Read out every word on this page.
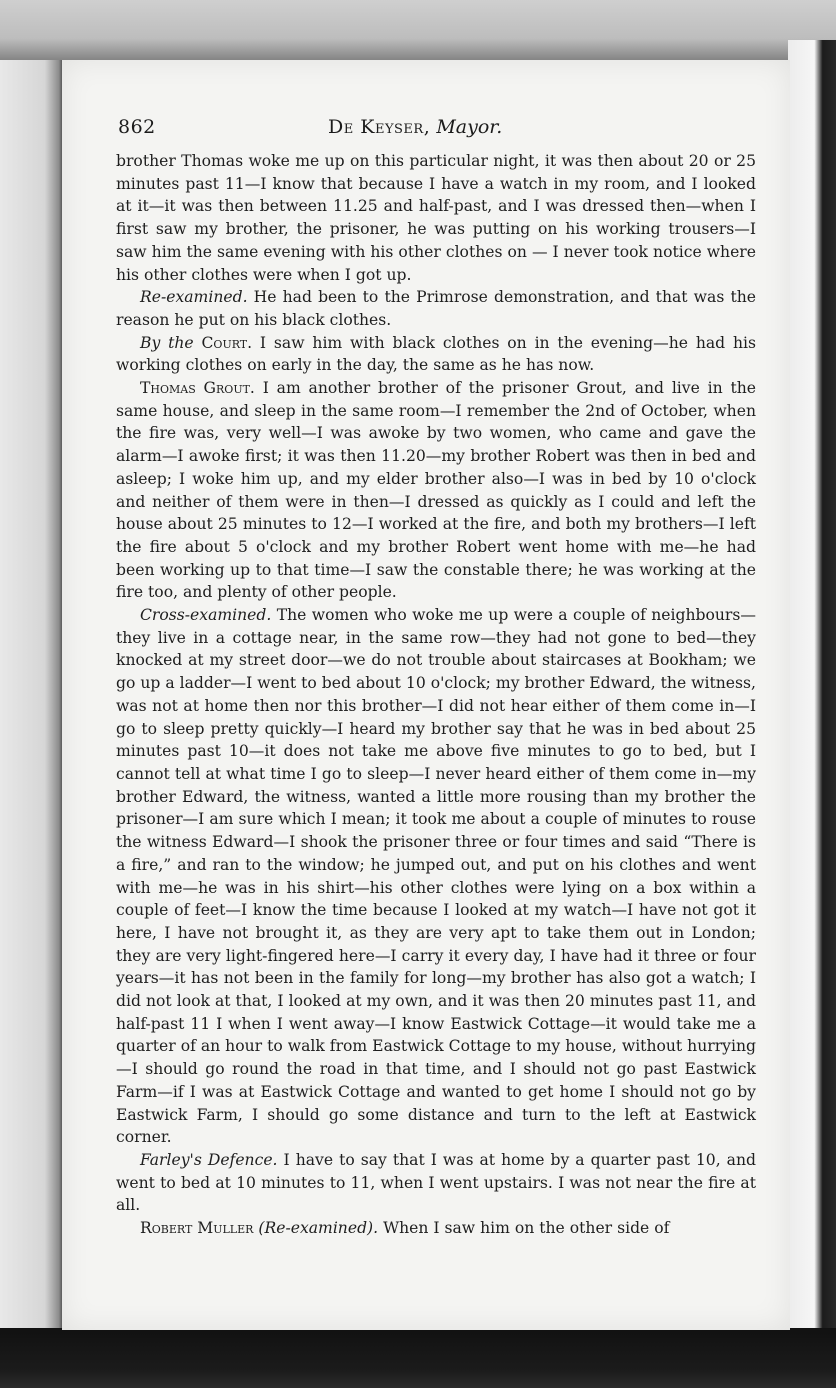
862	De Keyser, Mayor.

brother Thomas woke me up on this particular night, it was then about 20 or 25 minutes past 11—I know that because I have a watch in my room, and I looked at it—it was then between 11.25 and half-past, and I was dressed then—when I first saw my brother, the prisoner, he was putting on his working trousers—I saw him the same evening with his other clothes on — I never took notice where his other clothes were when I got up.

Re-examined. He had been to the Primrose demonstration, and that was the reason he put on his black clothes.

By the Court. I saw him with black clothes on in the evening—he had his working clothes on early in the day, the same as he has now.

Thomas Grout. I am another brother of the prisoner Grout, and live in the same house, and sleep in the same room—I remember the 2nd of October, when the fire was, very well—I was awoke by two women, who came and gave the alarm—I awoke first; it was then 11.20—my brother Robert was then in bed and asleep; I woke him up, and my elder brother also—I was in bed by 10 o'clock and neither of them were in then—I dressed as quickly as I could and left the house about 25 minutes to 12—I worked at the fire, and both my brothers—I left the fire about 5 o'clock and my brother Robert went home with me—he had been working up to that time—I saw the constable there; he was working at the fire too, and plenty of other people.

Cross-examined. The women who woke me up were a couple of neighbours—they live in a cottage near, in the same row—they had not gone to bed—they knocked at my street door—we do not trouble about staircases at Bookham; we go up a ladder—I went to bed about 10 o'clock; my brother Edward, the witness, was not at home then nor this brother—I did not hear either of them come in—I go to sleep pretty quickly—I heard my brother say that he was in bed about 25 minutes past 10—it does not take me above five minutes to go to bed, but I cannot tell at what time I go to sleep—I never heard either of them come in—my brother Edward, the witness, wanted a little more rousing than my brother the prisoner—I am sure which I mean; it took me about a couple of minutes to rouse the witness Edward—I shook the prisoner three or four times and said “There is a fire,” and ran to the window; he jumped out, and put on his clothes and went with me—he was in his shirt—his other clothes were lying on a box within a couple of feet—I know the time because I looked at my watch—I have not got it here, I have not brought it, as they are very apt to take them out in London; they are very light-fingered here—I carry it every day, I have had it three or four years—it has not been in the family for long—my brother has also got a watch; I did not look at that, I looked at my own, and it was then 20 minutes past 11, and half-past 11 I when I went away—I know Eastwick Cottage—it would take me a quarter of an hour to walk from Eastwick Cottage to my house, without hurrying—I should go round the road in that time, and I should not go past Eastwick Farm—if I was at Eastwick Cottage and wanted to get home I should not go by Eastwick Farm, I should go some distance and turn to the left at Eastwick corner.

Farley's Defence. I have to say that I was at home by a quarter past 10, and went to bed at 10 minutes to 11, when I went upstairs. I was not near the fire at all.

Robert Muller (Re-examined). When I saw him on the other side of
